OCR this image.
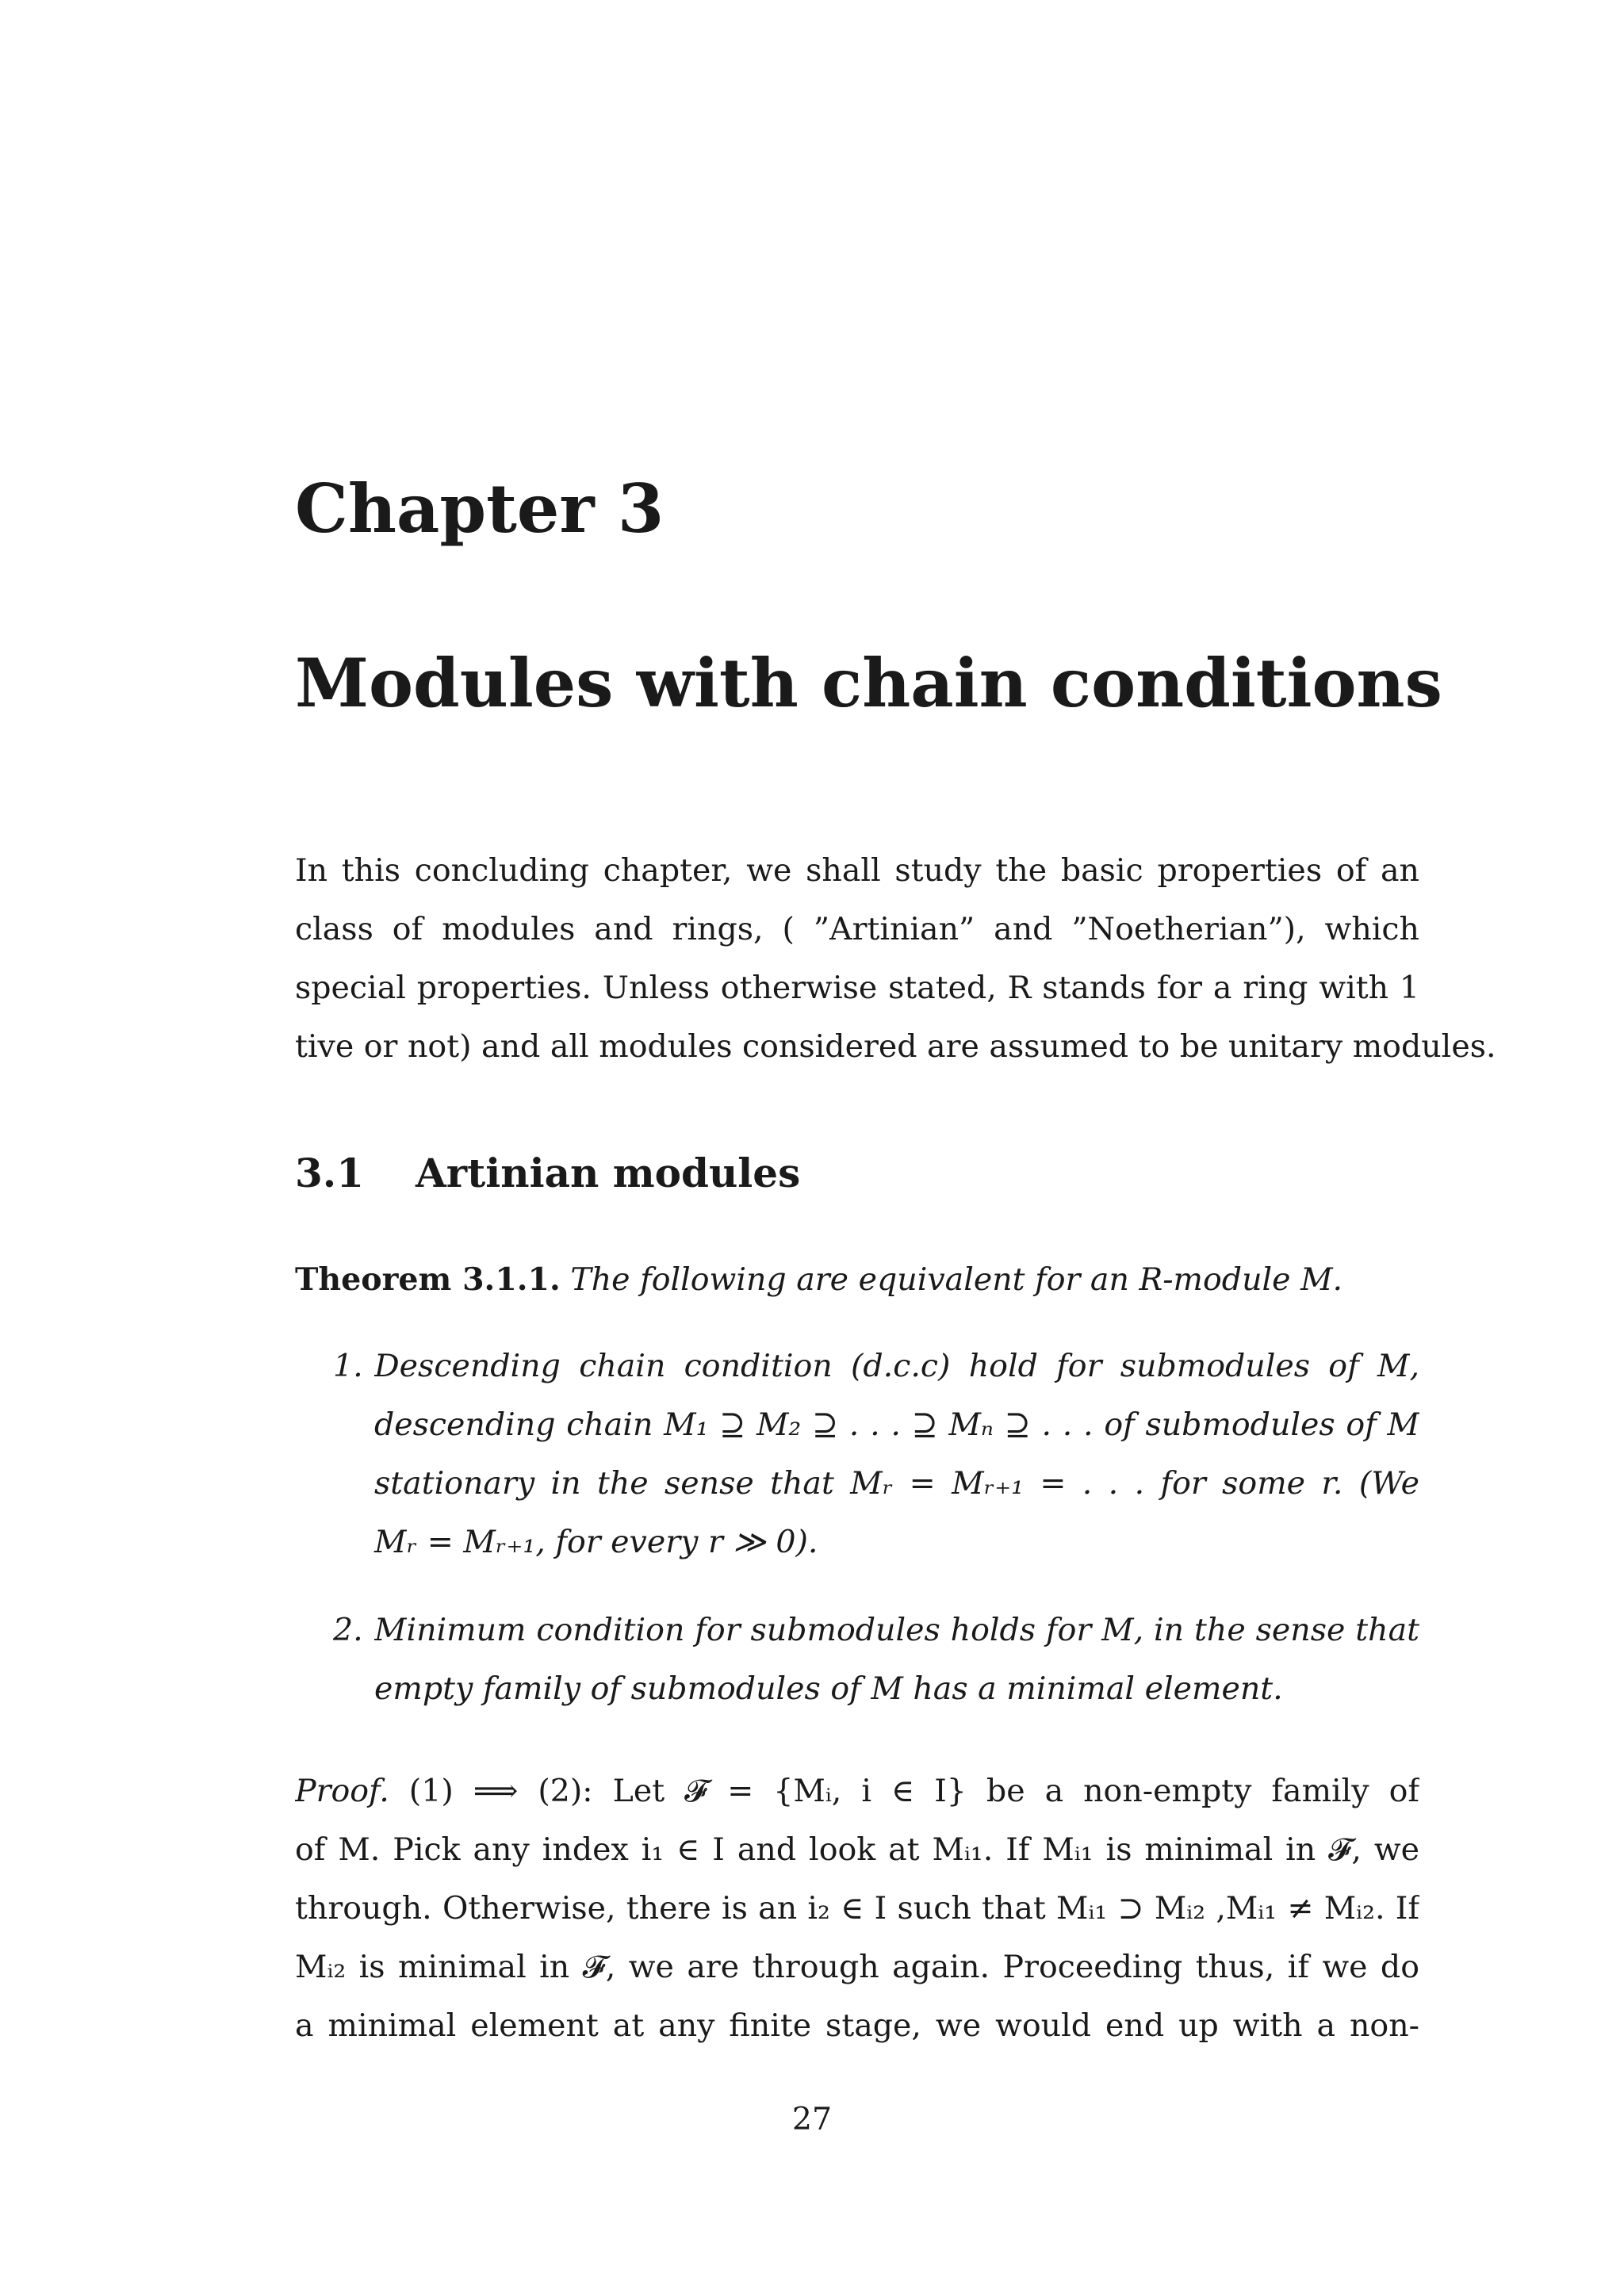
Chapter 3
Modules with chain conditions
In this concluding chapter, we shall study the basic properties of an
class of modules and rings, ( ”Artinian” and ”Noetherian”), which
special properties. Unless otherwise stated, R stands for a ring with 1
tive or not) and all modules considered are assumed to be unitary modules.
3.1 Artinian modules
Theorem 3.1.1. The following are equivalent for an R-module M.
1. Descending chain condition (d.c.c) hold for submodules of M,
descending chain M₁ ⊇ M₂ ⊇ . . . ⊇ Mₙ ⊇ . . . of submodules of M
stationary in the sense that Mᵣ = Mᵣ₊₁ = . . . for some r. (We
Mᵣ = Mᵣ₊₁, for every r ≫ 0).
2. Minimum condition for submodules holds for M, in the sense that
empty family of submodules of M has a minimal element.
Proof. (1) ⟹ (2): Let 𝓕 = {Mᵢ, i ∈ I} be a non-empty family of
of M. Pick any index i₁ ∈ I and look at Mᵢ₁. If Mᵢ₁ is minimal in 𝓕, we
through. Otherwise, there is an i₂ ∈ I such that Mᵢ₁ ⊃ Mᵢ₂ ,Mᵢ₁ ≠ Mᵢ₂. If
Mᵢ₂ is minimal in 𝓕, we are through again. Proceeding thus, if we do
a minimal element at any finite stage, we would end up with a non-
27
